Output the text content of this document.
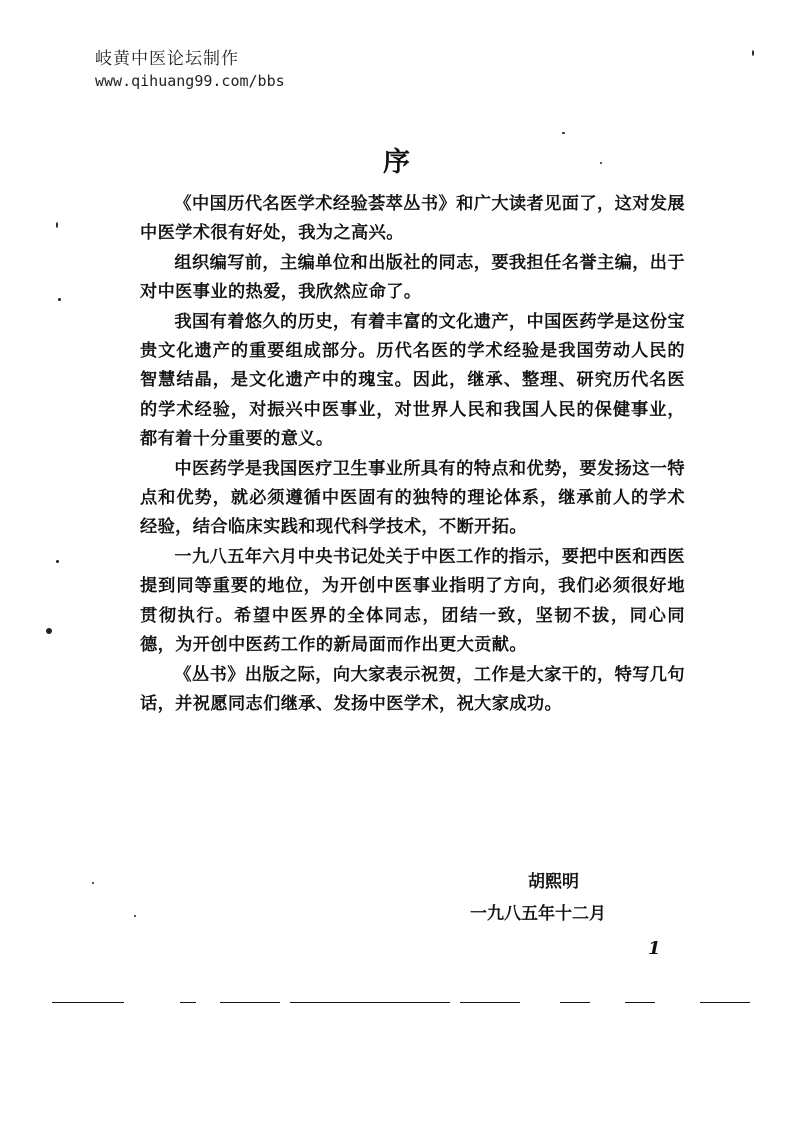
岐黄中医论坛制作
www.qihuang99.com/bbs
序

《中国历代名医学术经验荟萃丛书》和广大读者见面了，这对发展中医学术很有好处，我为之高兴。

组织编写前，主编单位和出版社的同志，要我担任名誉主编，出于对中医事业的热爱，我欣然应命了。

我国有着悠久的历史，有着丰富的文化遗产，中国医药学是这份宝贵文化遗产的重要组成部分。历代名医的学术经验是我国劳动人民的智慧结晶，是文化遗产中的瑰宝。因此，继承、整理、研究历代名医的学术经验，对振兴中医事业，对世界人民和我国人民的保健事业，都有着十分重要的意义。

中医药学是我国医疗卫生事业所具有的特点和优势，要发扬这一特点和优势，就必须遵循中医固有的独特的理论体系，继承前人的学术经验，结合临床实践和现代科学技术，不断开拓。

一九八五年六月中央书记处关于中医工作的指示，要把中医和西医提到同等重要的地位，为开创中医事业指明了方向，我们必须很好地贯彻执行。希望中医界的全体同志，团结一致，坚韧不拔，同心同德，为开创中医药工作的新局面而作出更大贡献。

《丛书》出版之际，向大家表示祝贺，工作是大家干的，特写几句话，并祝愿同志们继承、发扬中医学术，祝大家成功。

胡熙明
一九八五年十二月
1
